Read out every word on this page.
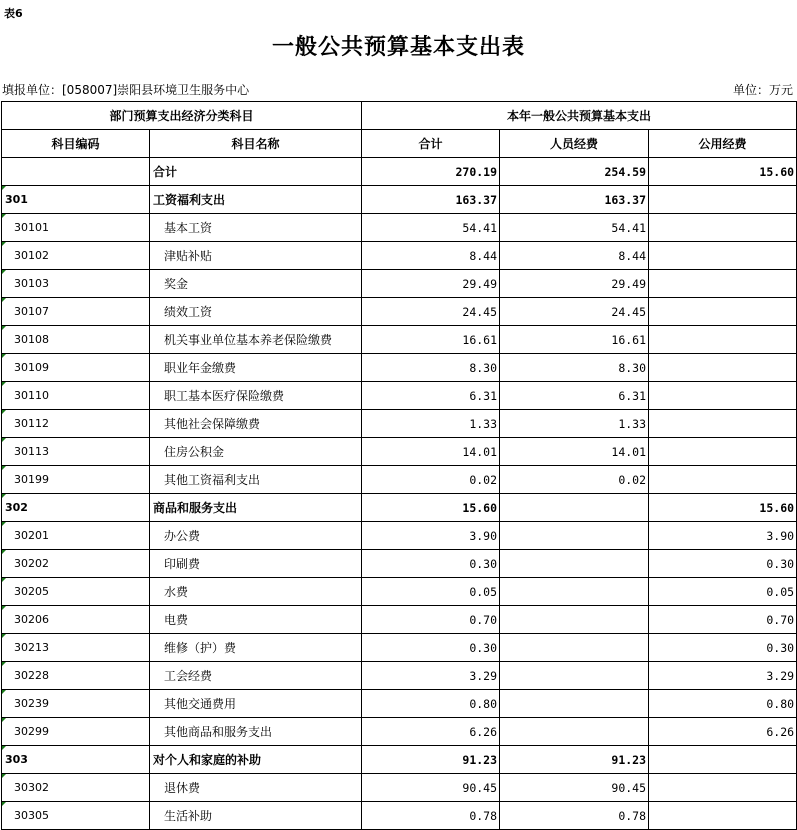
表6
一般公共预算基本支出表
填报单位：[058007]崇阳县环境卫生服务中心	单位：万元
部门预算支出经济分类科目		本年一般公共预算基本支出		
科目编码	科目名称	合计	人员经费	公用经费
	合计	270.19	254.59	15.60

301	工资福利支出	163.37	163.37	

30101	基本工资	54.41	54.41	

30102	津贴补贴	8.44	8.44	

30103	奖金	29.49	29.49	

30107	绩效工资	24.45	24.45	

30108	机关事业单位基本养老保险缴费	16.61	16.61	

30109	职业年金缴费	8.30	8.30	

30110	职工基本医疗保险缴费	6.31	6.31	

30112	其他社会保障缴费	1.33	1.33	

30113	住房公积金	14.01	14.01	

30199	其他工资福利支出	0.02	0.02	

302	商品和服务支出	15.60		15.60

30201	办公费	3.90		3.90

30202	印刷费	0.30		0.30

30205	水费	0.05		0.05

30206	电费	0.70		0.70

30213	维修（护）费	0.30		0.30

30228	工会经费	3.29		3.29

30239	其他交通费用	0.80		0.80

30299	其他商品和服务支出	6.26		6.26

303	对个人和家庭的补助	91.23	91.23	

30302	退休费	90.45	90.45	

30305	生活补助	0.78	0.78	
